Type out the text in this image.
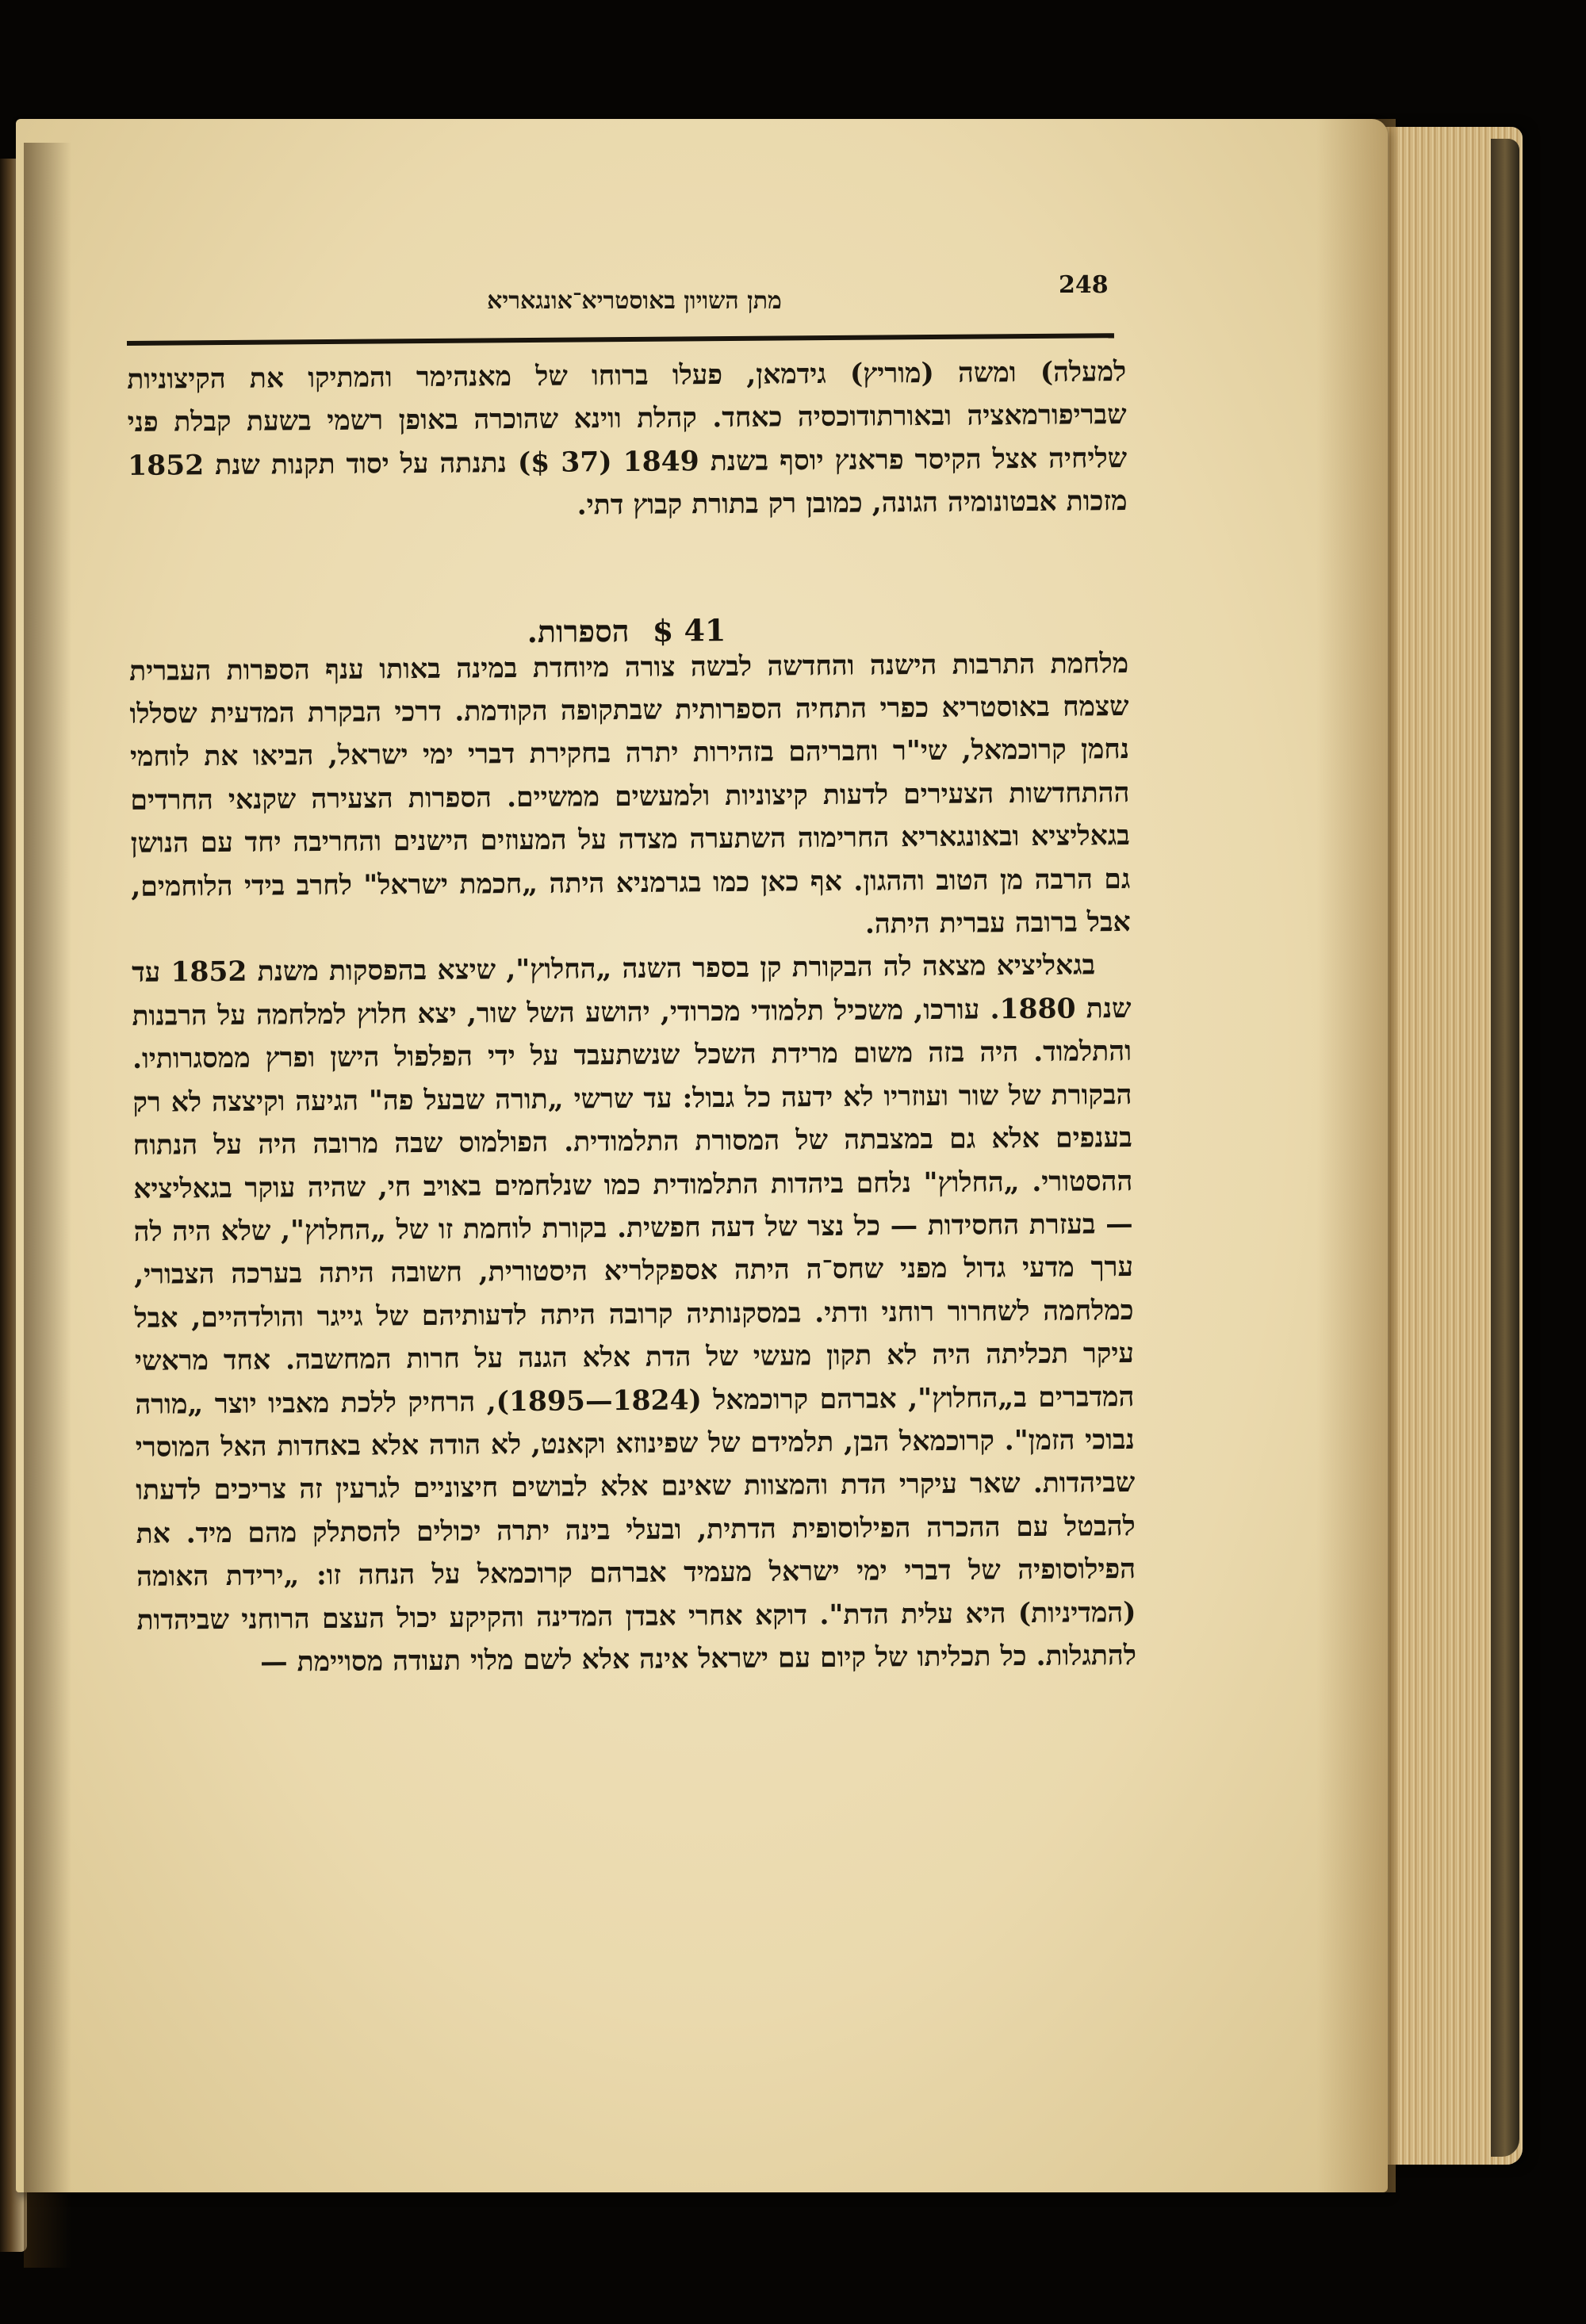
248
מתן השויון באוסטריא־אונגאריא
41 $ הספרות.

למעלה) ומשה (מוריץ) גידמאן, פעלו ברוחו של מאנהימר והמתיקו את הקיצוניות שבריפורמאציה ובאורתודוכסיה כאחד. קהלת ווינא שהוכרה באופן רשמי בשעת קבלת פני שליחיה אצל הקיסר פראנץ יוסף בשנת 1849 (37 $) נתנתה על יסוד תקנות שנת 1852 מזכות אבטונומיה הגונה, כמובן רק בתורת קבוץ דתי.

מלחמת התרבות הישנה והחדשה לבשה צורה מיוחדת במינה באותו ענף הספרות העברית שצמח באוסטריא כפרי התחיה הספרותית שבתקופה הקודמת. דרכי הבקרת המדעית שסללו נחמן קרוכמאל, שי"ר וחבריהם בזהירות יתרה בחקירת דברי ימי ישראל, הביאו את לוחמי ההתחדשות הצעירים לדעות קיצוניות ולמעשים ממשיים. הספרות הצעירה שקנאי החרדים בגאליציא ובאונגאריא החרימוה השתערה מצדה על המעוזים הישנים והחריבה יחד עם הנושן גם הרבה מן הטוב וההגון. אף כאן כמו בגרמניא היתה „חכמת ישראל" לחרב בידי הלוחמים, אבל ברובה עברית היתה.

בגאליציא מצאה לה הבקורת קן בספר השנה „החלוץ", שיצא בהפסקות משנת 1852 עד שנת 1880. עורכו, משכיל תלמודי מכרודי, יהושע השל שור, יצא חלוץ למלחמה על הרבנות והתלמוד. היה בזה משום מרידת השכל שנשתעבד על ידי הפלפול הישן ופרץ ממסגרותיו. הבקורת של שור ועוזריו לא ידעה כל גבול: עד שרשי „תורה שבעל פה" הגיעה וקיצצה לא רק בענפים אלא גם במצבתה של המסורת התלמודית. הפולמוס שבה מרובה היה על הנתוח ההסטורי. „החלוץ" נלחם ביהדות התלמודית כמו שנלחמים באויב חי, שהיה עוקר בגאליציא — בעזרת החסידות — כל נצר של דעה חפשית. בקורת לוחמת זו של „החלוץ", שלא היה לה ערך מדעי גדול מפני שחס־ה היתה אספקלריא היסטורית, חשובה היתה בערכה הצבורי, כמלחמה לשחרור רוחני ודתי. במסקנותיה קרובה היתה לדעותיהם של גייגר והולדהיים, אבל עיקר תכליתה היה לא תקון מעשי של הדת אלא הגנה על חרות המחשבה. אחד מראשי המדברים ב„החלוץ", אברהם קרוכמאל (1824—1895), הרחיק ללכת מאביו יוצר „מורה נבוכי הזמן". קרוכמאל הבן, תלמידם של שפינוזא וקאנט, לא הודה אלא באחדות האל המוסרי שביהדות. שאר עיקרי הדת והמצוות שאינם אלא לבושים חיצוניים לגרעין זה צריכים לדעתו להבטל עם ההכרה הפילוסופית הדתית, ובעלי בינה יתרה יכולים להסתלק מהם מיד. את הפילוסופיה של דברי ימי ישראל מעמיד אברהם קרוכמאל על הנחה זו: „ירידת האומה (המדיניות) היא עלית הדת". דוקא אחרי אבדן המדינה והקיקע יכול העצם הרוחני שביהדות להתגלות. כל תכליתו של קיום עם ישראל אינה אלא לשם מלוי תעודה מסויימת —
